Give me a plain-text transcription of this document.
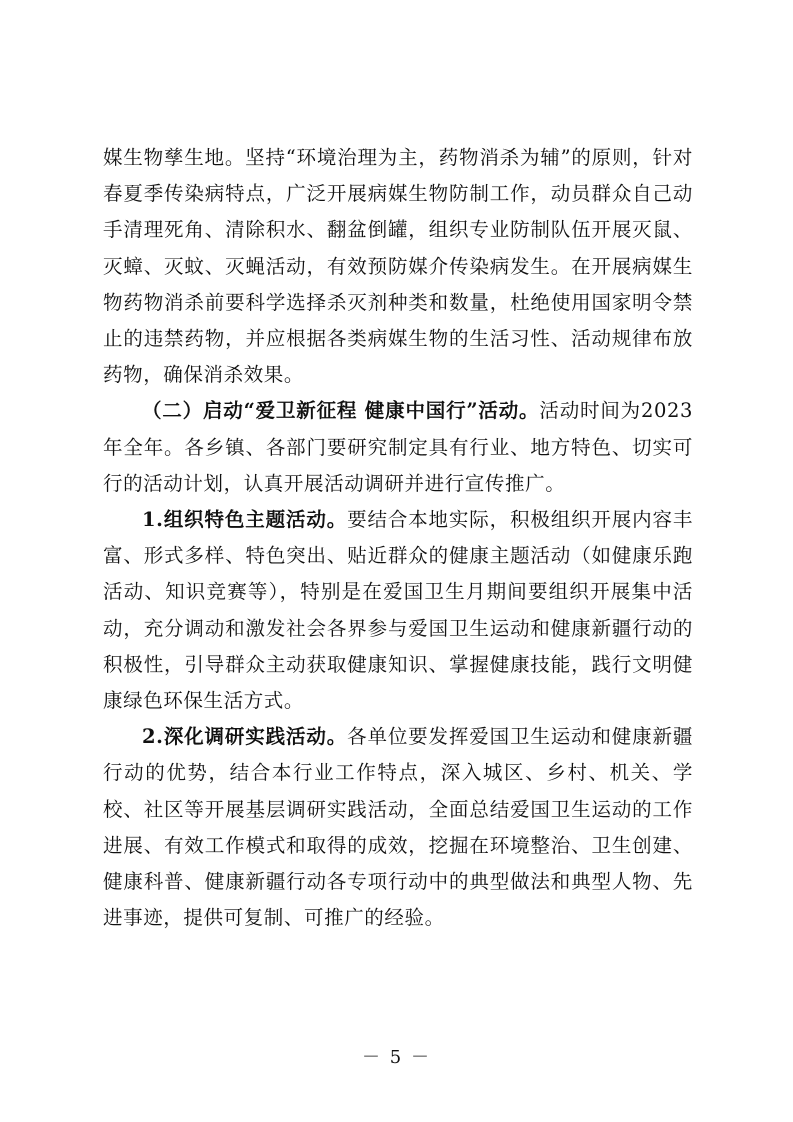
媒生物孳生地。坚持“环境治理为主，药物消杀为辅”的原则，针对春夏季传染病特点，广泛开展病媒生物防制工作，动员群众自己动手清理死角、清除积水、翻盆倒罐，组织专业防制队伍开展灭鼠、灭蟑、灭蚊、灭蝇活动，有效预防媒介传染病发生。在开展病媒生物药物消杀前要科学选择杀灭剂种类和数量，杜绝使用国家明令禁止的违禁药物，并应根据各类病媒生物的生活习性、活动规律布放药物，确保消杀效果。

（二）启动“爱卫新征程 健康中国行”活动。活动时间为2023年全年。各乡镇、各部门要研究制定具有行业、地方特色、切实可行的活动计划，认真开展活动调研并进行宣传推广。

1.组织特色主题活动。要结合本地实际，积极组织开展内容丰富、形式多样、特色突出、贴近群众的健康主题活动（如健康乐跑活动、知识竞赛等），特别是在爱国卫生月期间要组织开展集中活动，充分调动和激发社会各界参与爱国卫生运动和健康新疆行动的积极性，引导群众主动获取健康知识、掌握健康技能，践行文明健康绿色环保生活方式。

2.深化调研实践活动。各单位要发挥爱国卫生运动和健康新疆行动的优势，结合本行业工作特点，深入城区、乡村、机关、学校、社区等开展基层调研实践活动，全面总结爱国卫生运动的工作进展、有效工作模式和取得的成效，挖掘在环境整治、卫生创建、健康科普、健康新疆行动各专项行动中的典型做法和典型人物、先进事迹，提供可复制、可推广的经验。

－ 5 －
